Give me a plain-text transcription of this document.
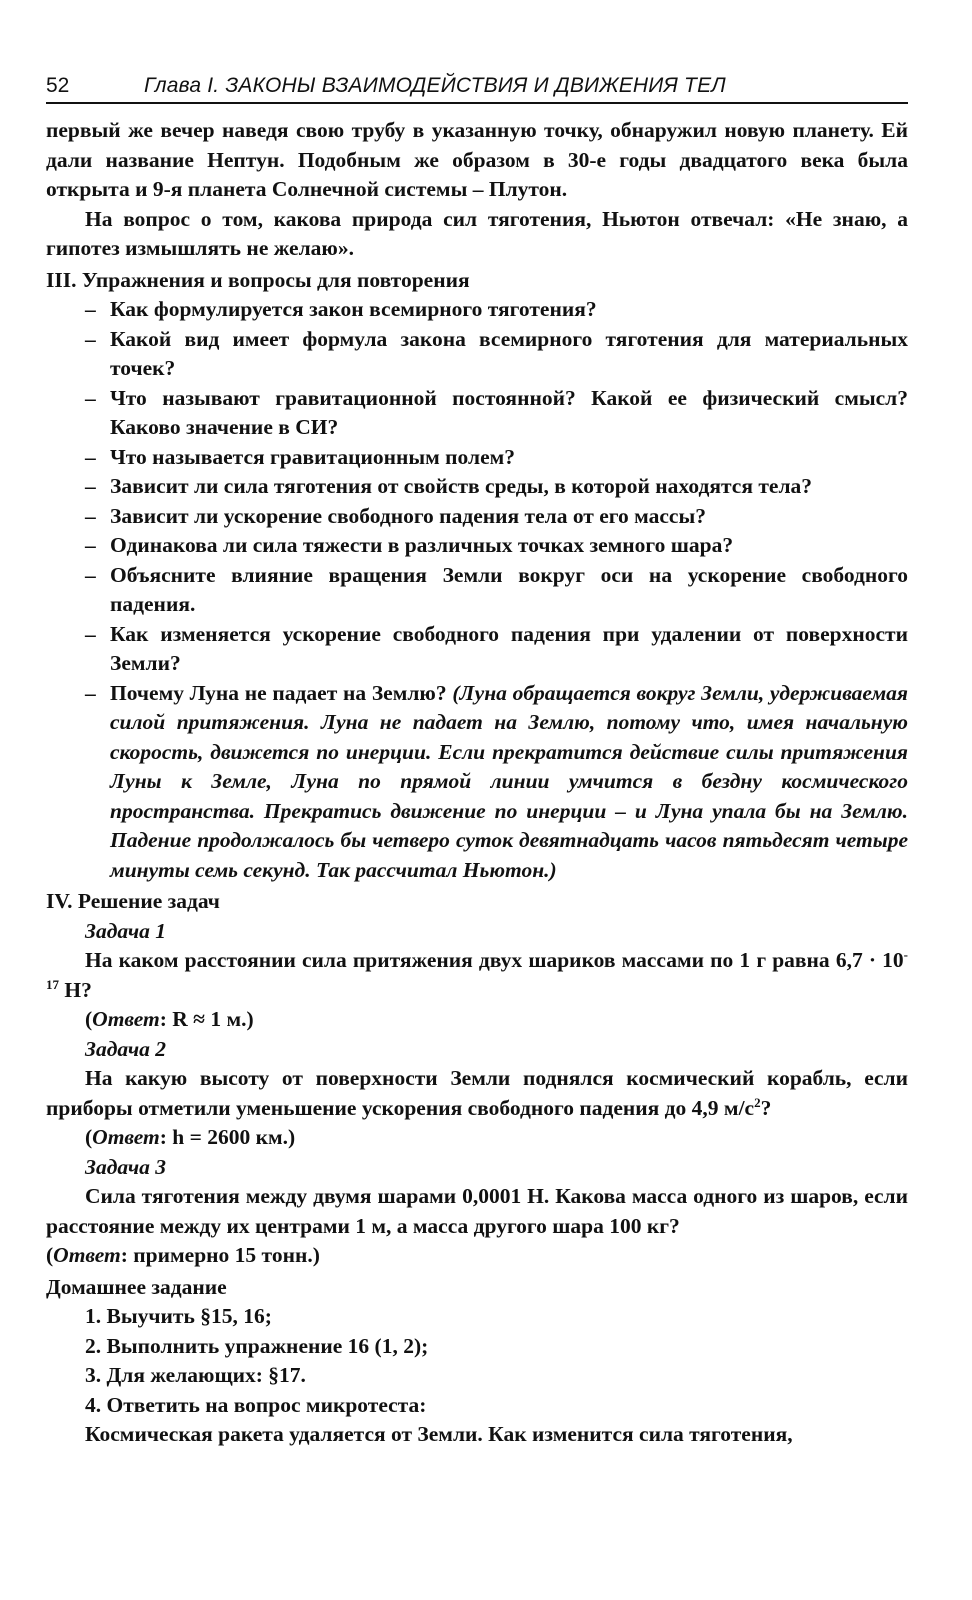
52	Глава I. ЗАКОНЫ ВЗАИМОДЕЙСТВИЯ И ДВИЖЕНИЯ ТЕЛ

первый же вечер наведя свою трубу в указанную точку, обнаружил новую планету. Ей дали название Нептун. Подобным же образом в 30-е годы двадцатого века была открыта и 9-я планета Солнечной системы – Плутон.

На вопрос о том, какова природа сил тяготения, Ньютон отвечал: «Не знаю, а гипотез измышлять не желаю».

III. Упражнения и вопросы для повторения

– Как формулируется закон всемирного тяготения?
– Какой вид имеет формула закона всемирного тяготения для материальных точек?
– Что называют гравитационной постоянной? Какой ее физический смысл? Каково значение в СИ?
– Что называется гравитационным полем?
– Зависит ли сила тяготения от свойств среды, в которой находятся тела?
– Зависит ли ускорение свободного падения тела от его массы?
– Одинакова ли сила тяжести в различных точках земного шара?
– Объясните влияние вращения Земли вокруг оси на ускорение свободного падения.
– Как изменяется ускорение свободного падения при удалении от поверхности Земли?
– Почему Луна не падает на Землю? (Луна обращается вокруг Земли, удерживаемая силой притяжения. Луна не падает на Землю, потому что, имея начальную скорость, движется по инерции. Если прекратится действие силы притяжения Луны к Земле, Луна по прямой линии умчится в бездну космического пространства. Прекратись движение по инерции – и Луна упала бы на Землю. Падение продолжалось бы четверо суток девятнадцать часов пятьдесят четыре минуты семь секунд. Так рассчитал Ньютон.)

IV. Решение задач

Задача 1

На каком расстоянии сила притяжения двух шариков массами по 1 г равна $6,7 \cdot 10^{-17}$ Н?

(Ответ: R ≈ 1 м.)

Задача 2

На какую высоту от поверхности Земли поднялся космический корабль, если приборы отметили уменьшение ускорения свободного падения до 4,9 $м/с^2$?

(Ответ: h = 2600 км.)

Задача 3

Сила тяготения между двумя шарами 0,0001 Н. Какова масса одного из шаров, если расстояние между их центрами 1 м, а масса другого шара 100 кг?

(Ответ: примерно 15 тонн.)

Домашнее задание

1. Выучить §15, 16;
2. Выполнить упражнение 16 (1, 2);
3. Для желающих: §17.
4. Ответить на вопрос микротеста:

Космическая ракета удаляется от Земли. Как изменится сила тяготения,
